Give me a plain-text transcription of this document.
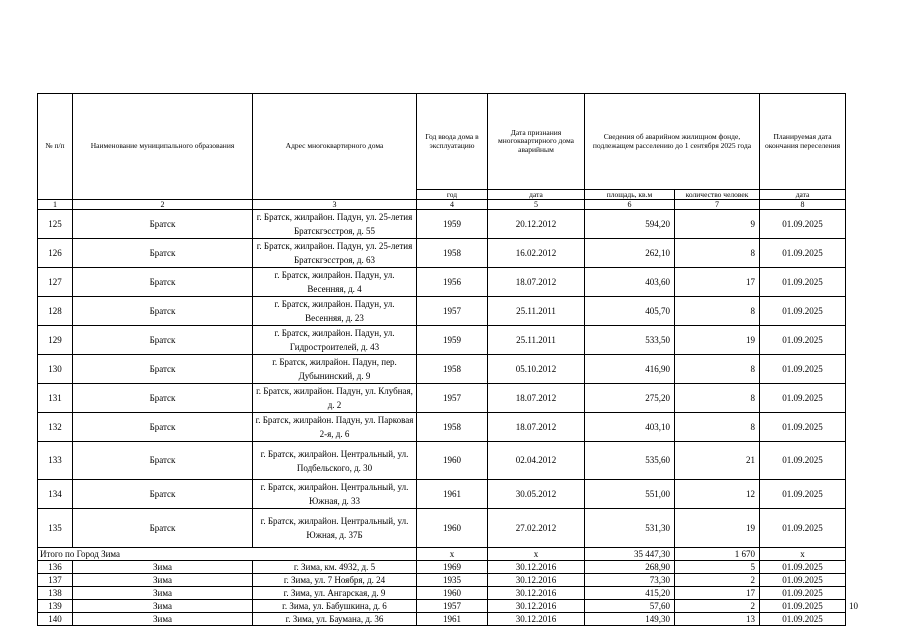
№ п/п	Наименование муниципального образования	Адрес многоквартирного дома	Год ввода дома в эксплуатацию	Дата признания многоквартирного дома аварийным	Сведения об аварийном жилищном фонде, подлежащем расселению до 1 сентября 2025 года		Планируемая дата окончания переселения
			год	дата	площадь, кв.м	количество человек	дата
1	2	3	4	5	6	7	8
125	Братск	г. Братск, жилрайон. Падун, ул. 25-летия Братскгэсстроя, д. 55	1959	20.12.2012	594,20	9	01.09.2025
126	Братск	г. Братск, жилрайон. Падун, ул. 25-летия Братскгэсстроя, д. 63	1958	16.02.2012	262,10	8	01.09.2025
127	Братск	г. Братск, жилрайон. Падун, ул. Весенняя, д. 4	1956	18.07.2012	403,60	17	01.09.2025
128	Братск	г. Братск, жилрайон. Падун, ул. Весенняя, д. 23	1957	25.11.2011	405,70	8	01.09.2025
129	Братск	г. Братск, жилрайон. Падун, ул. Гидростроителей, д. 43	1959	25.11.2011	533,50	19	01.09.2025
130	Братск	г. Братск, жилрайон. Падун, пер. Дубынинский, д. 9	1958	05.10.2012	416,90	8	01.09.2025
131	Братск	г. Братск, жилрайон. Падун, ул. Клубная, д. 2	1957	18.07.2012	275,20	8	01.09.2025
132	Братск	г. Братск, жилрайон. Падун, ул. Парковая 2-я, д. 6	1958	18.07.2012	403,10	8	01.09.2025
133	Братск	г. Братск, жилрайон. Центральный, ул. Подбельского, д. 30	1960	02.04.2012	535,60	21	01.09.2025
134	Братск	г. Братск, жилрайон. Центральный, ул. Южная, д. 33	1961	30.05.2012	551,00	12	01.09.2025
135	Братск	г. Братск, жилрайон. Центральный, ул. Южная, д. 37Б	1960	27.02.2012	531,30	19	01.09.2025
Итого по Город Зима			x	x	35 447,30	1 670	x
136	Зима	г. Зима, км. 4932, д. 5	1969	30.12.2016	268,90	5	01.09.2025
137	Зима	г. Зима, ул. 7 Ноября, д. 24	1935	30.12.2016	73,30	2	01.09.2025
138	Зима	г. Зима, ул. Ангарская, д. 9	1960	30.12.2016	415,20	17	01.09.2025
139	Зима	г. Зима, ул. Бабушкина, д. 6	1957	30.12.2016	57,60	2	01.09.2025
140	Зима	г. Зима, ул. Баумана, д. 36	1961	30.12.2016	149,30	13	01.09.2025
10
